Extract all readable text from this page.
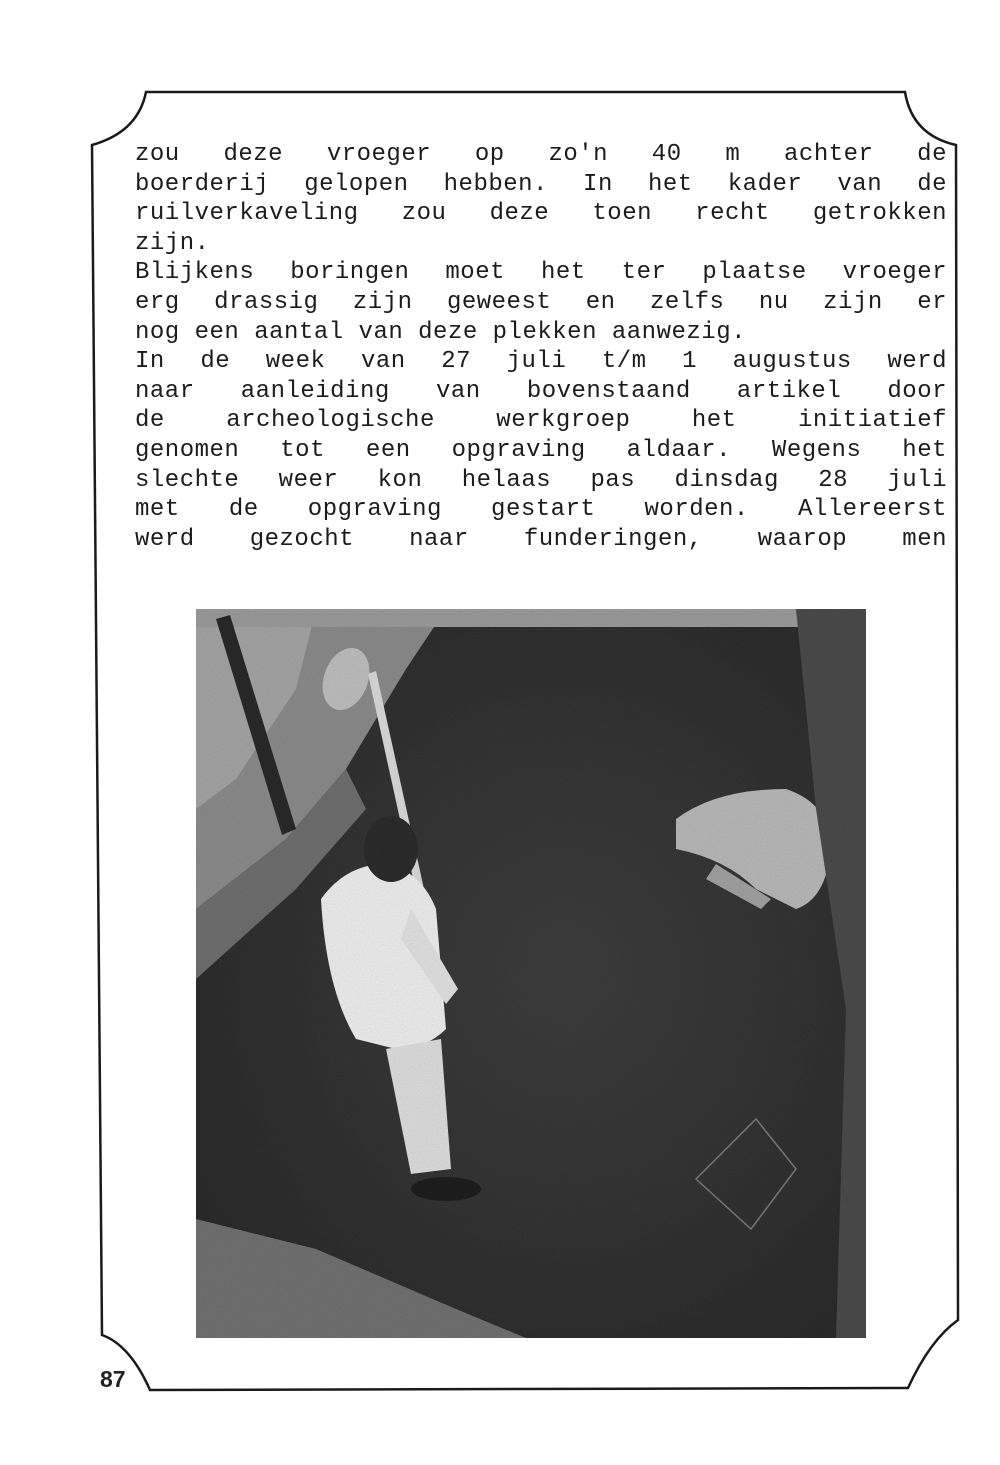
zou deze vroeger op zo'n 40 m achter de
boerderij gelopen hebben. In het kader van de
ruilverkaveling zou deze toen recht getrokken
zijn.
Blijkens boringen moet het ter plaatse vroeger
erg drassig zijn geweest en zelfs nu zijn er
nog een aantal van deze plekken aanwezig.
In de week van 27 juli t/m 1 augustus werd
naar aanleiding van bovenstaand artikel door
de archeologische werkgroep het initiatief
genomen tot een opgraving aldaar. Wegens het
slechte weer kon helaas pas dinsdag 28 juli
met de opgraving gestart worden. Allereerst
werd gezocht naar funderingen, waarop men
87
